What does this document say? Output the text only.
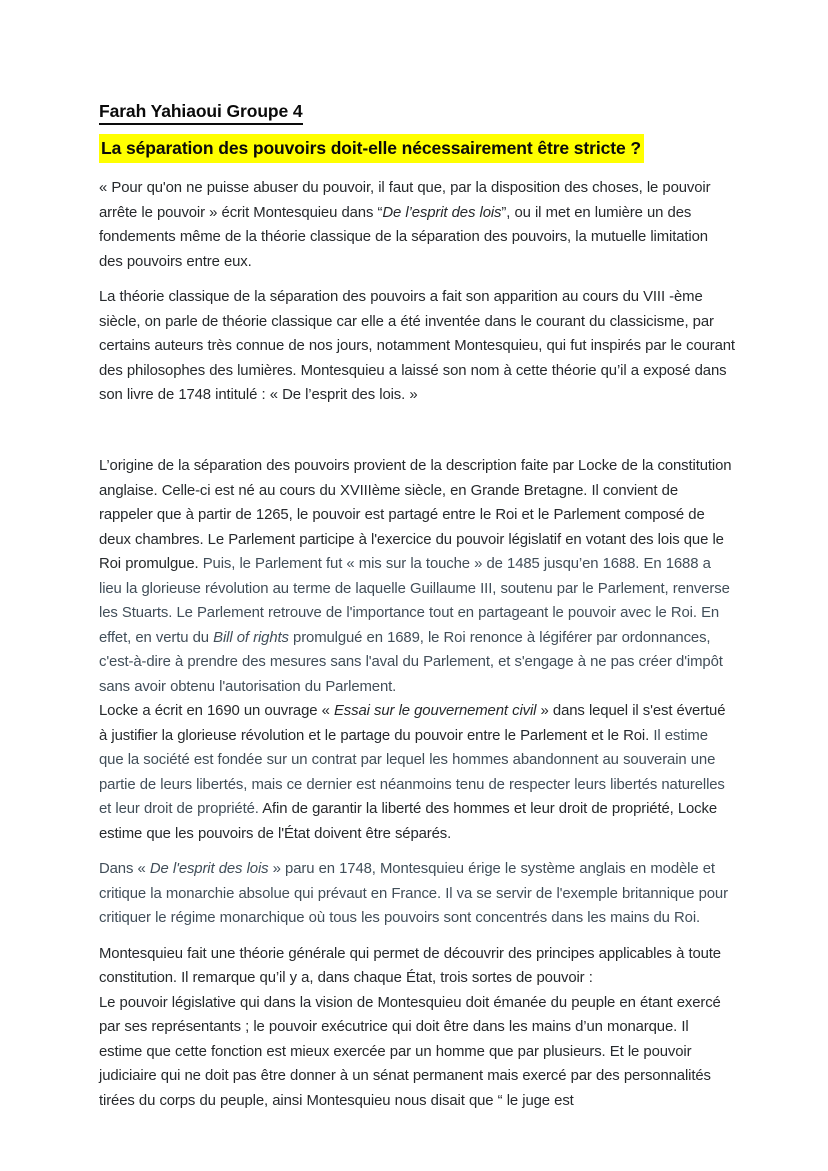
Farah Yahiaoui Groupe 4
La séparation des pouvoirs doit-elle nécessairement être stricte ?

« Pour qu'on ne puisse abuser du pouvoir, il faut que, par la disposition des choses, le pouvoir arrête le pouvoir » écrit Montesquieu dans “De l’esprit des lois”, ou il met en lumière un des fondements même de la théorie classique de la séparation des pouvoirs, la mutuelle limitation des pouvoirs entre eux.

La théorie classique de la séparation des pouvoirs a fait son apparition au cours du VIII -ème siècle, on parle de théorie classique car elle a été inventée dans le courant du classicisme, par certains auteurs très connue de nos jours, notamment Montesquieu, qui fut inspirés par le courant des philosophes des lumières. Montesquieu a laissé son nom à cette théorie qu’il a exposé dans son livre de 1748 intitulé : « De l’esprit des lois. »

L’origine de la séparation des pouvoirs provient de la description faite par Locke de la constitution anglaise. Celle-ci est né au cours du XVIIIème siècle, en Grande Bretagne. Il convient de rappeler que à partir de 1265, le pouvoir est partagé entre le Roi et le Parlement composé de deux chambres. Le Parlement participe à l'exercice du pouvoir législatif en votant des lois que le Roi promulgue. Puis, le Parlement fut « mis sur la touche » de 1485 jusqu’en 1688. En 1688 a lieu la glorieuse révolution au terme de laquelle Guillaume III, soutenu par le Parlement, renverse les Stuarts. Le Parlement retrouve de l'importance tout en partageant le pouvoir avec le Roi. En effet, en vertu du Bill of rights promulgué en 1689, le Roi renonce à légiférer par ordonnances, c'est-à-dire à prendre des mesures sans l'aval du Parlement, et s'engage à ne pas créer d'impôt sans avoir obtenu l'autorisation du Parlement.
Locke a écrit en 1690 un ouvrage « Essai sur le gouvernement civil » dans lequel il s'est évertué à justifier la glorieuse révolution et le partage du pouvoir entre le Parlement et le Roi. Il estime que la société est fondée sur un contrat par lequel les hommes abandonnent au souverain une partie de leurs libertés, mais ce dernier est néanmoins tenu de respecter leurs libertés naturelles et leur droit de propriété. Afin de garantir la liberté des hommes et leur droit de propriété, Locke estime que les pouvoirs de l'État doivent être séparés.

Dans « De l'esprit des lois » paru en 1748, Montesquieu érige le système anglais en modèle et critique la monarchie absolue qui prévaut en France. Il va se servir de l'exemple britannique pour critiquer le régime monarchique où tous les pouvoirs sont concentrés dans les mains du Roi.

Montesquieu fait une théorie générale qui permet de découvrir des principes applicables à toute constitution. Il remarque qu’il y a, dans chaque État, trois sortes de pouvoir :
Le pouvoir législative qui dans la vision de Montesquieu doit émanée du peuple en étant exercé par ses représentants ; le pouvoir exécutrice qui doit être dans les mains d’un monarque. Il estime que cette fonction est mieux exercée par un homme que par plusieurs. Et le pouvoir judiciaire qui ne doit pas être donner à un sénat permanent mais exercé par des personnalités tirées du corps du peuple, ainsi Montesquieu nous disait que “ le juge est
